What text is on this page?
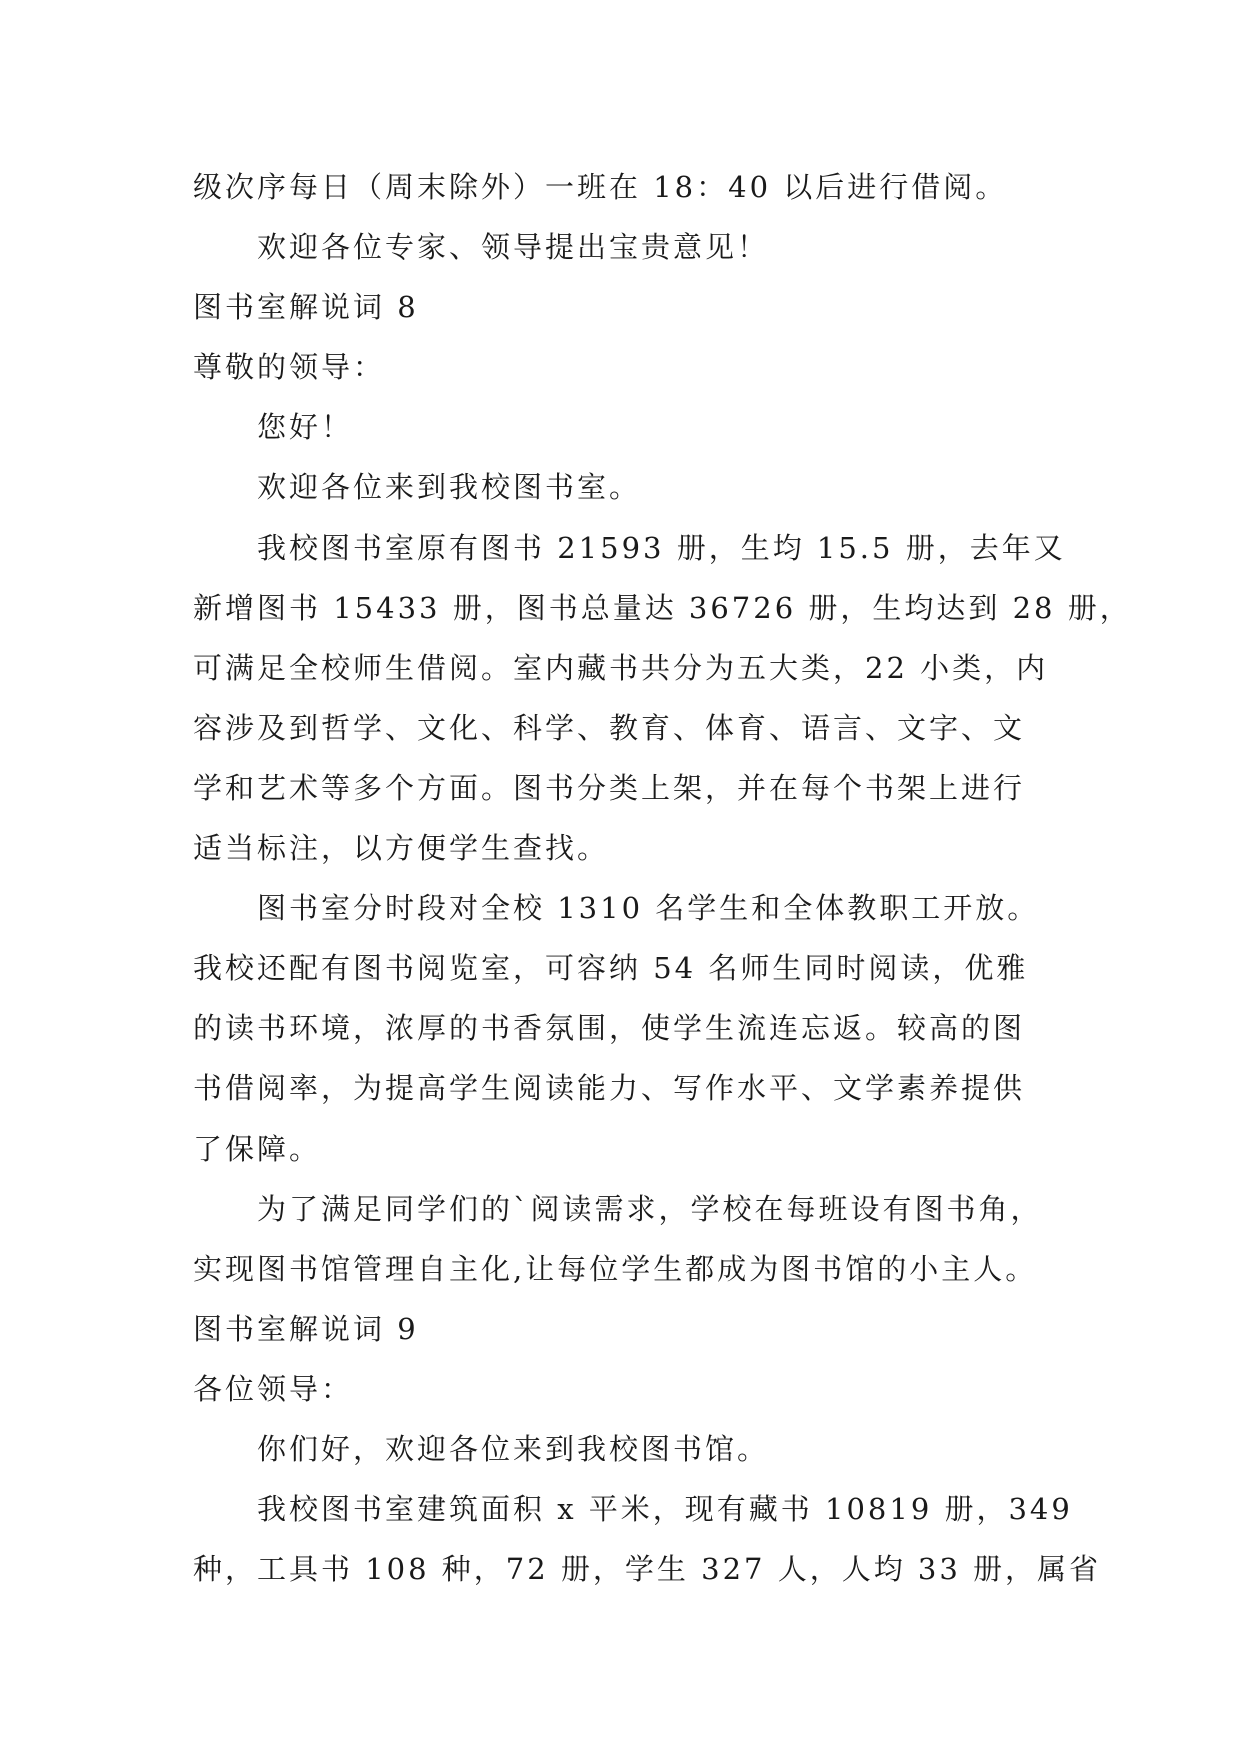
级次序每日（周末除外）一班在 18：40 以后进行借阅。
欢迎各位专家、领导提出宝贵意见！
图书室解说词 8
尊敬的领导：
您好！
欢迎各位来到我校图书室。
我校图书室原有图书 21593 册，生均 15.5 册，去年又
新增图书 15433 册，图书总量达 36726 册，生均达到 28 册，
可满足全校师生借阅。室内藏书共分为五大类，22 小类，内
容涉及到哲学、文化、科学、教育、体育、语言、文字、文
学和艺术等多个方面。图书分类上架，并在每个书架上进行
适当标注，以方便学生查找。
图书室分时段对全校 1310 名学生和全体教职工开放。
我校还配有图书阅览室，可容纳 54 名师生同时阅读，优雅
的读书环境，浓厚的书香氛围，使学生流连忘返。较高的图
书借阅率，为提高学生阅读能力、写作水平、文学素养提供
了保障。
为了满足同学们的`阅读需求，学校在每班设有图书角，
实现图书馆管理自主化,让每位学生都成为图书馆的小主人。
图书室解说词 9
各位领导：
你们好，欢迎各位来到我校图书馆。
我校图书室建筑面积 x 平米，现有藏书 10819 册，349
种，工具书 108 种，72 册，学生 327 人，人均 33 册，属省
